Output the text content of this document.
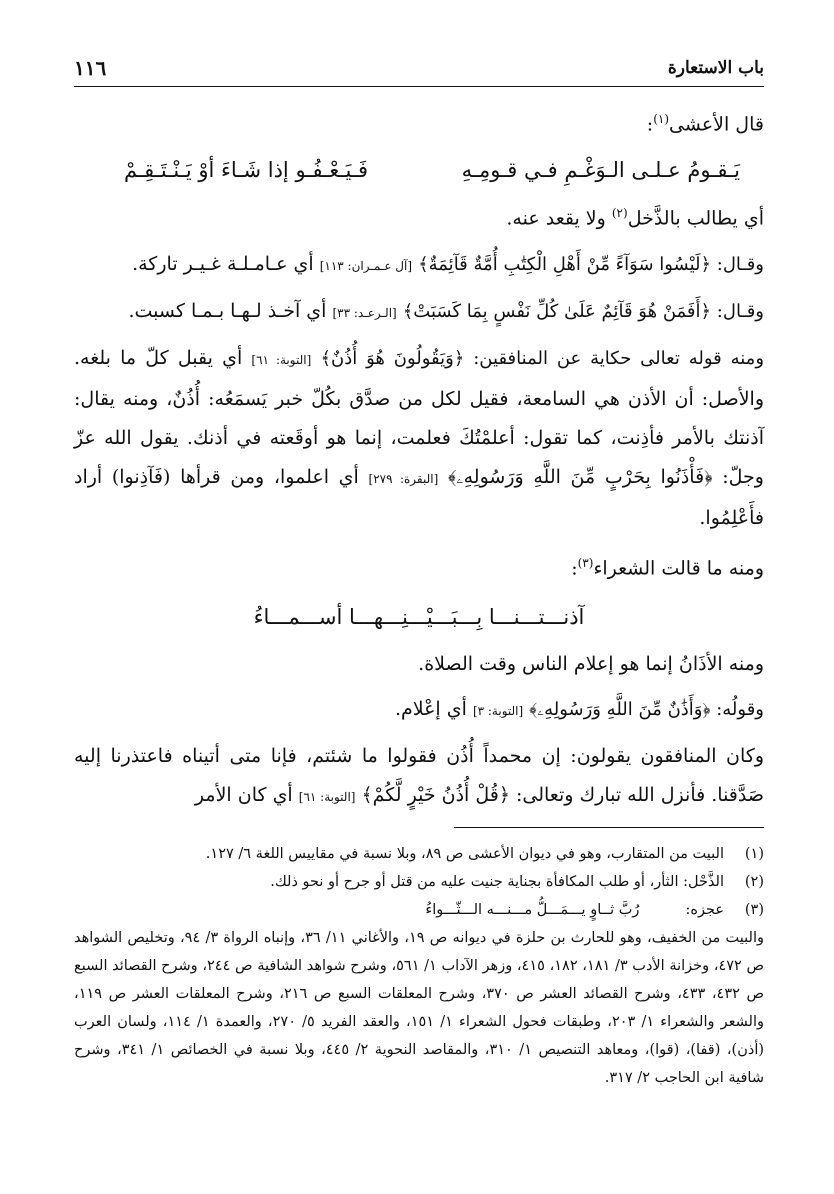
باب الاستعارة
١١٦

قال الأعشى$^{(١)}$:

يَـقـومُ عـلـى الـوَغْـمِ فـي قـومِـهِ
فَـيَـعْـفُـو إذا شَـاءَ أوْ يَـنْـتَـقِـمْ

أي يطالب بالذَّخل$^{(٢)}$ ولا يقعد عنه.

وقـال: ﴿لَيْسُوا سَوَآءً مِّنْ أَهْلِ الْكِتَٰبِ أُمَّةٌ قَآئِمَةٌ﴾ [آل عـمـران: ١١٣] أي عـامـلـة غـيـر تاركة.

وقـال: ﴿أَفَمَنْ هُوَ قَآئِمٌ عَلَىٰ كُلِّ نَفْسٍ بِمَا كَسَبَتْ﴾ [الـرعـد: ٣٣] أي آخـذ لـهـا بـمـا كسبت.

ومنه قوله تعالى حكاية عن المنافقين: ﴿وَيَقُولُونَ هُوَ أُذُنٌ﴾ [التوبة: ٦١] أي يقبل كلّ ما بلغه. والأصل: أن الأذن هي السامعة، فقيل لكل من صدَّق بكُلّ خبر يَسمَعُه: أُذُنٌ، ومنه يقال: آذنتك بالأمر فأذِنت، كما تقول: أعلمْتُكَ فعلمت، إنما هو أوقَعته في أذنك. يقول الله عزّ وجلّ: ﴿فَأْذَنُوا بِحَرْبٍ مِّنَ اللَّهِ وَرَسُولِهِۦ﴾ [البقرة: ٢٧٩] أي اعلموا، ومن قرأها (فَآذِنوا) أراد فأَعْلِمُوا.

ومنه ما قالت الشعراء$^{(٣)}$:

آذنـــتـــنـــا بِـــبَـــيْـــنِـــهـــا أســـمـــاءُ

ومنه الأذَانُ إنما هو إعلام الناس وقت الصلاة.

وقولُه: ﴿وَأَذَٰنٌ مِّنَ اللَّهِ وَرَسُولِهِۦ﴾ [التوبة: ٣] أي إعْلام.

وكان المنافقون يقولون: إن محمداً أُذُن فقولوا ما شئتم، فإنا متى أتيناه فاعتذرنا إليه صَدَّقنا. فأنزل الله تبارك وتعالى: ﴿قُلْ أُذُنُ خَيْرٍ لَّكُمْ﴾ [التوبة: ٦١] أي كان الأمر

(١)
البيت من المتقارب، وهو في ديوان الأعشى ص ٨٩، وبلا نسبة في مقاييس اللغة ٦/ ١٢٧.
(٢)
الذَّحْل: الثأر، أو طلب المكافأة بجناية جنيت عليه من قتل أو جرح أو نحو ذلك.
(٣)
عجزه:          رُبَّ ثــاوٍ يـــمَـــلُّ مـــنـــه الـــثّـــواءُ
والبيت من الخفيف، وهو للحارث بن حلزة في ديوانه ص ١٩، والأغاني ١١/ ٣٦، وإنباه الرواة ٣/ ٩٤، وتخليص الشواهد ص ٤٧٢، وخزانة الأدب ٣/ ١٨١، ١٨٢، ٤١٥، وزهر الآداب ١/ ٥٦١، وشرح شواهد الشافية ص ٢٤٤، وشرح القصائد السبع ص ٤٣٢، ٤٣٣، وشرح القصائد العشر ص ٣٧٠، وشرح المعلقات السبع ص ٢١٦، وشرح المعلقات العشر ص ١١٩، والشعر والشعراء ١/ ٢٠٣، وطبقات فحول الشعراء ١/ ١٥١، والعقد الفريد ٥/ ٢٧٠، والعمدة ١/ ١١٤، ولسان العرب (أذن)، (قفا)، (قوا)، ومعاهد التنصيص ١/ ٣١٠، والمقاصد النحوية ٢/ ٤٤٥، وبلا نسبة في الخصائص ١/ ٣٤١، وشرح شافية ابن الحاجب ٢/ ٣١٧.
